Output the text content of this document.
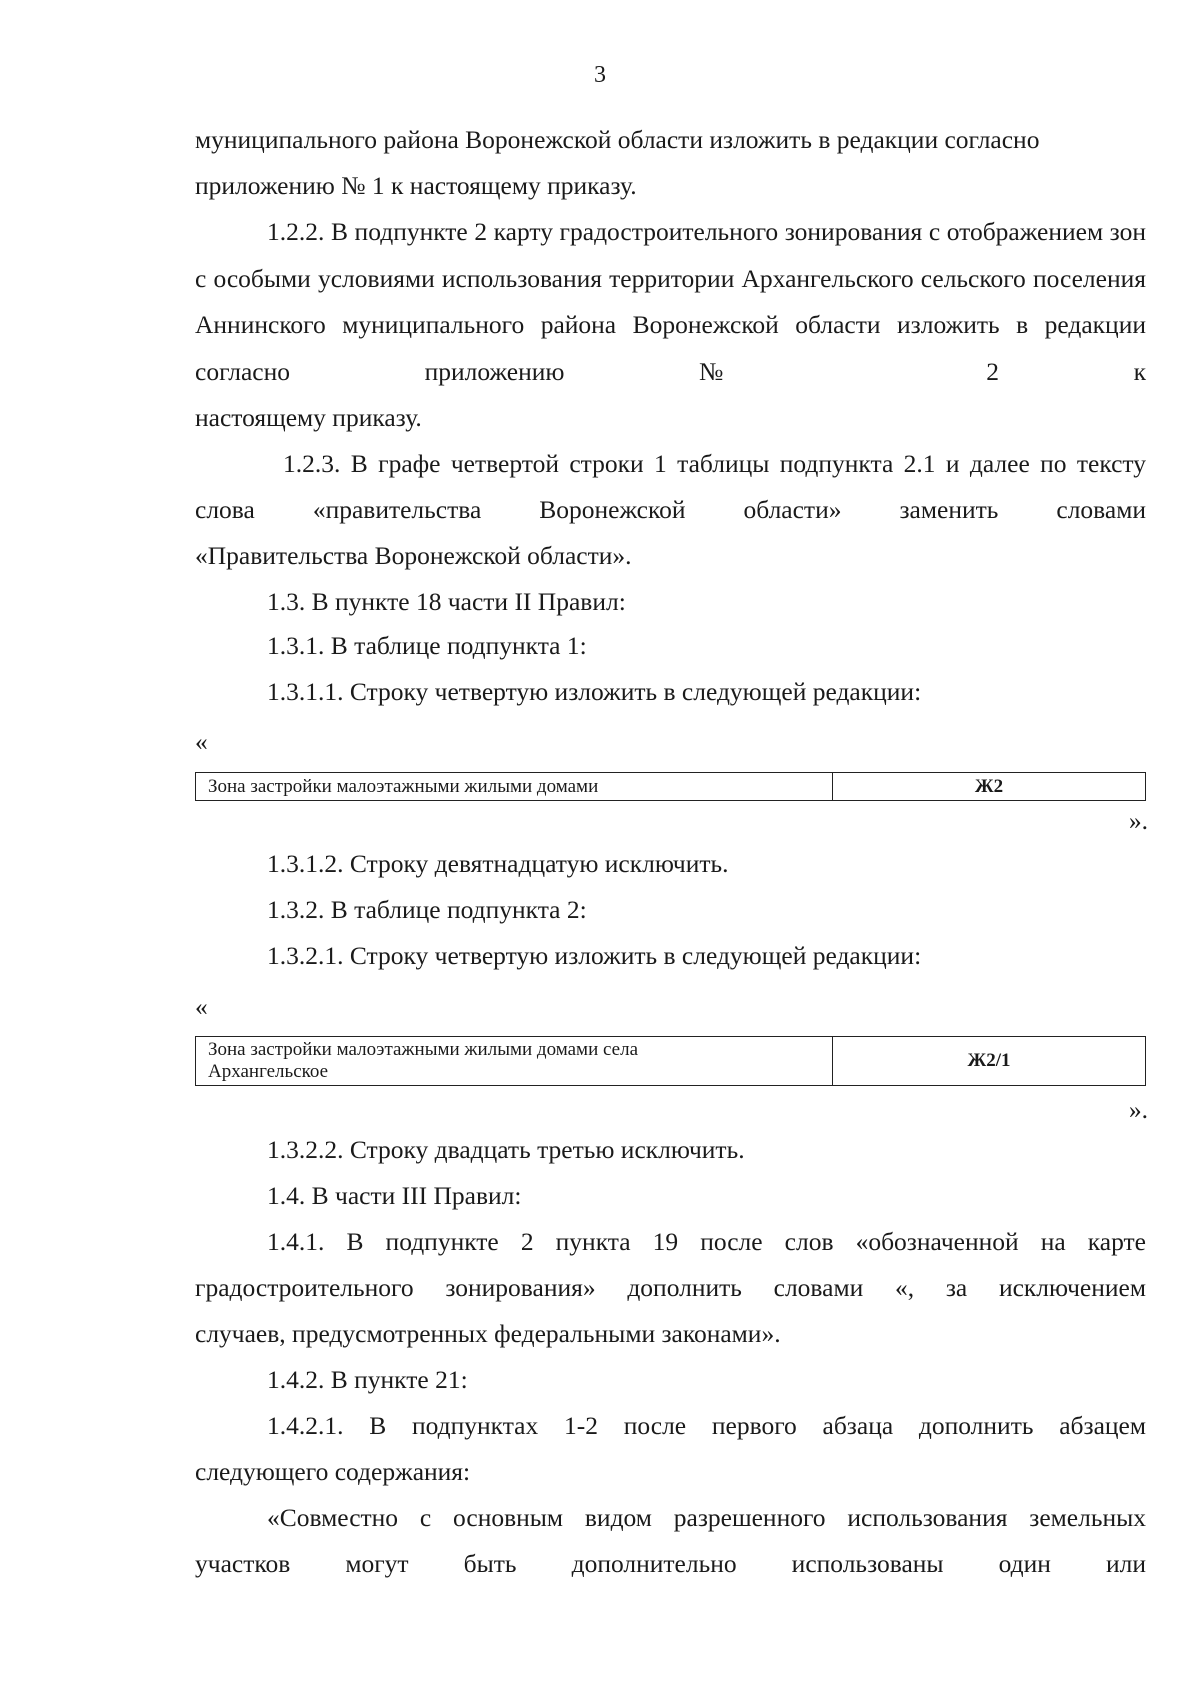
3

муниципального района Воронежской области изложить в редакции согласно

приложению № 1 к настоящему приказу.

1.2.2. В подпункте 2 карту градостроительного зонирования с отображением зон с особыми условиями использования территории Архангельского сельского поселения Аннинского муниципального района Воронежской области изложить в редакции согласно приложению № 2 к

настоящему приказу.

1.2.3. В графе четвертой строки 1 таблицы подпункта 2.1 и далее по тексту слова «правительства Воронежской области» заменить словами

«Правительства Воронежской области».

1.3. В пункте 18 части II Правил:

1.3.1. В таблице подпункта 1:

1.3.1.1. Строку четвертую изложить в следующей редакции:

«
Зона застройки малоэтажными жилыми домами	Ж2
».

1.3.1.2. Строку девятнадцатую исключить.

1.3.2. В таблице подпункта 2:

1.3.2.1. Строку четвертую изложить в следующей редакции:

«
Зона застройки малоэтажными жилыми домами села
Архангельское
	Ж2/1
».

1.3.2.2. Строку двадцать третью исключить.

1.4. В части III Правил:

1.4.1. В подпункте 2 пункта 19 после слов «обозначенной на карте градостроительного зонирования» дополнить словами «, за исключением

случаев, предусмотренных федеральными законами».

1.4.2. В пункте 21:

1.4.2.1. В подпунктах 1-2 после первого абзаца дополнить абзацем

следующего содержания:

«Совместно с основным видом разрешенного использования земельных участков могут быть дополнительно использованы один или
